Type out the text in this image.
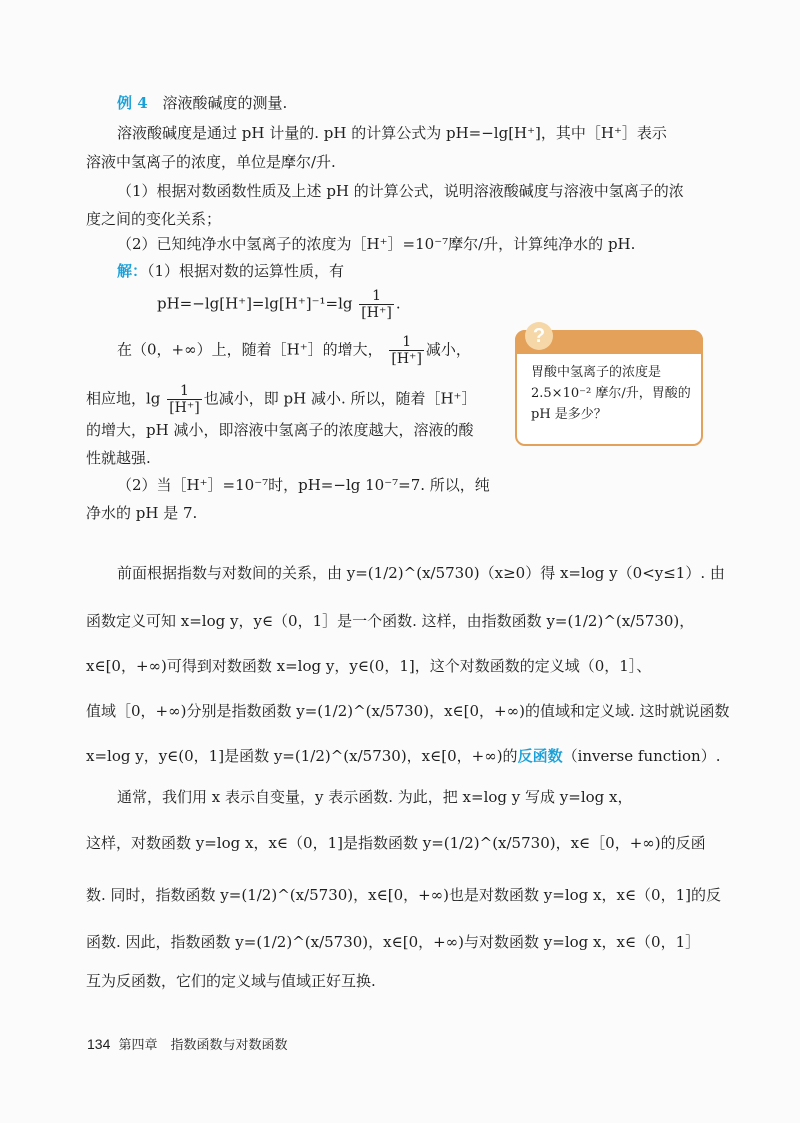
例 4 溶液酸碱度的测量.
溶液酸碱度是通过 pH 计量的. pH 的计算公式为 pH=−lg[H⁺]，其中［H⁺］表示
溶液中氢离子的浓度，单位是摩尔/升.
（1）根据对数函数性质及上述 pH 的计算公式，说明溶液酸碱度与溶液中氢离子的浓
度之间的变化关系；
（2）已知纯净水中氢离子的浓度为［H⁺］=10⁻⁷摩尔/升，计算纯净水的 pH.
解：（1）根据对数的运算性质，有
$pH=-\lg[H^+]=\lg[H^+]^{-1}=\lg \frac{1}{[H^+]}$ .
在（0，+∞）上，随着［H⁺］的增大， $\frac{1}{[H^+]}$ 减小，
相应地，$\lg \frac{1}{[H^+]}$ 也减小，即 pH 减小. 所以，随着［H⁺］
的增大，pH 减小，即溶液中氢离子的浓度越大，溶液的酸
性就越强.
（2）当［H⁺］=10⁻⁷时，pH=−lg 10⁻⁷=7. 所以，纯
净水的 pH 是 7.
?
胃酸中氢离子的浓度是 2.5×10⁻² 摩尔/升，胃酸的 pH 是多少？
前面根据指数与对数间的关系，由 y=(1/2)^(x/5730)（x≥0）得 x=log y（0<y≤1）. 由
函数定义可知 x=log y，y∈（0，1］是一个函数. 这样，由指数函数 y=(1/2)^(x/5730)，
x∈[0，+∞)可得到对数函数 x=log y，y∈(0，1]，这个对数函数的定义域（0，1］、
值域［0，+∞)分别是指数函数 y=(1/2)^(x/5730)，x∈[0，+∞)的值域和定义域. 这时就说函数
x=log y，y∈(0，1]是函数 y=(1/2)^(x/5730)，x∈[0，+∞)的反函数（inverse function）.
通常，我们用 x 表示自变量，y 表示函数. 为此，把 x=log y 写成 y=log x，
这样，对数函数 y=log x，x∈（0，1]是指数函数 y=(1/2)^(x/5730)，x∈［0，+∞)的反函
数. 同时，指数函数 y=(1/2)^(x/5730)，x∈[0，+∞)也是对数函数 y=log x，x∈（0，1]的反
函数. 因此，指数函数 y=(1/2)^(x/5730)，x∈[0，+∞)与对数函数 y=log x，x∈（0，1］
互为反函数，它们的定义域与值域正好互换.
134 第四章　指数函数与对数函数
